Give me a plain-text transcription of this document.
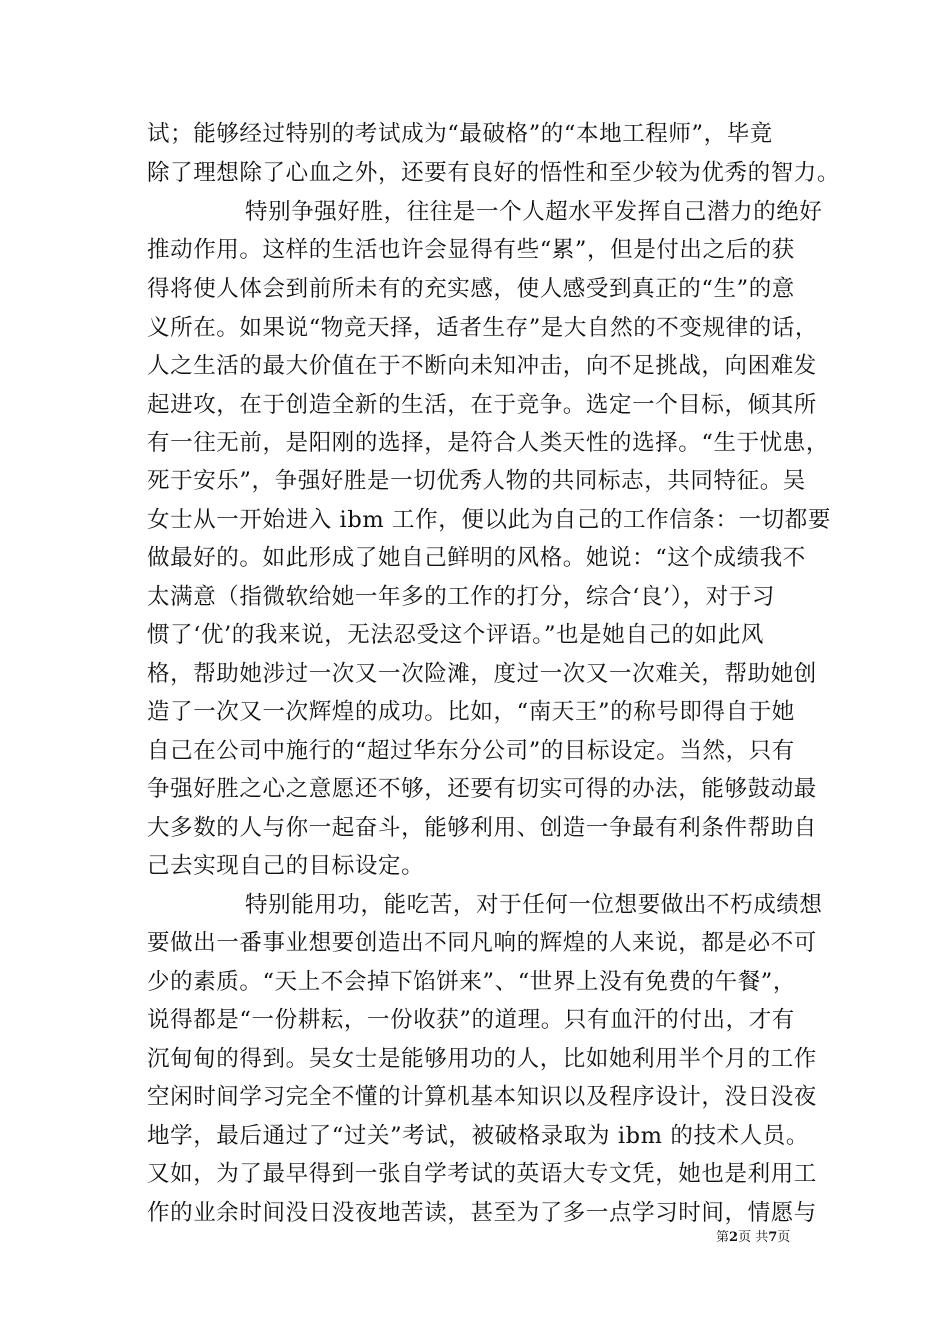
试；能够经过特别的考试成为“最破格”的“本地工程师”，毕竟
除了理想除了心血之外，还要有良好的悟性和至少较为优秀的智力。
特别争强好胜，往往是一个人超水平发挥自己潜力的绝好
推动作用。这样的生活也许会显得有些“累”，但是付出之后的获
得将使人体会到前所未有的充实感，使人感受到真正的“生”的意
义所在。如果说“物竞天择，适者生存”是大自然的不变规律的话，
人之生活的最大价值在于不断向未知冲击，向不足挑战，向困难发
起进攻，在于创造全新的生活，在于竞争。选定一个目标，倾其所
有一往无前，是阳刚的选择，是符合人类天性的选择。“生于忧患，
死于安乐”，争强好胜是一切优秀人物的共同标志，共同特征。吴
女士从一开始进入 ibm 工作，便以此为自己的工作信条：一切都要
做最好的。如此形成了她自己鲜明的风格。她说：“这个成绩我不
太满意（指微软给她一年多的工作的打分，综合‘良’），对于习
惯了‘优’的我来说，无法忍受这个评语。”也是她自己的如此风
格，帮助她涉过一次又一次险滩，度过一次又一次难关，帮助她创
造了一次又一次辉煌的成功。比如，“南天王”的称号即得自于她
自己在公司中施行的“超过华东分公司”的目标设定。当然，只有
争强好胜之心之意愿还不够，还要有切实可得的办法，能够鼓动最
大多数的人与你一起奋斗，能够利用、创造一争最有利条件帮助自
己去实现自己的目标设定。
特别能用功，能吃苦，对于任何一位想要做出不朽成绩想
要做出一番事业想要创造出不同凡响的辉煌的人来说，都是必不可
少的素质。“天上不会掉下馅饼来”、“世界上没有免费的午餐”，
说得都是“一份耕耘，一份收获”的道理。只有血汗的付出，才有
沉甸甸的得到。吴女士是能够用功的人，比如她利用半个月的工作
空闲时间学习完全不懂的计算机基本知识以及程序设计，没日没夜
地学，最后通过了“过关”考试，被破格录取为 ibm 的技术人员。
又如，为了最早得到一张自学考试的英语大专文凭，她也是利用工
作的业余时间没日没夜地苦读，甚至为了多一点学习时间，情愿与
第2页 共7页
